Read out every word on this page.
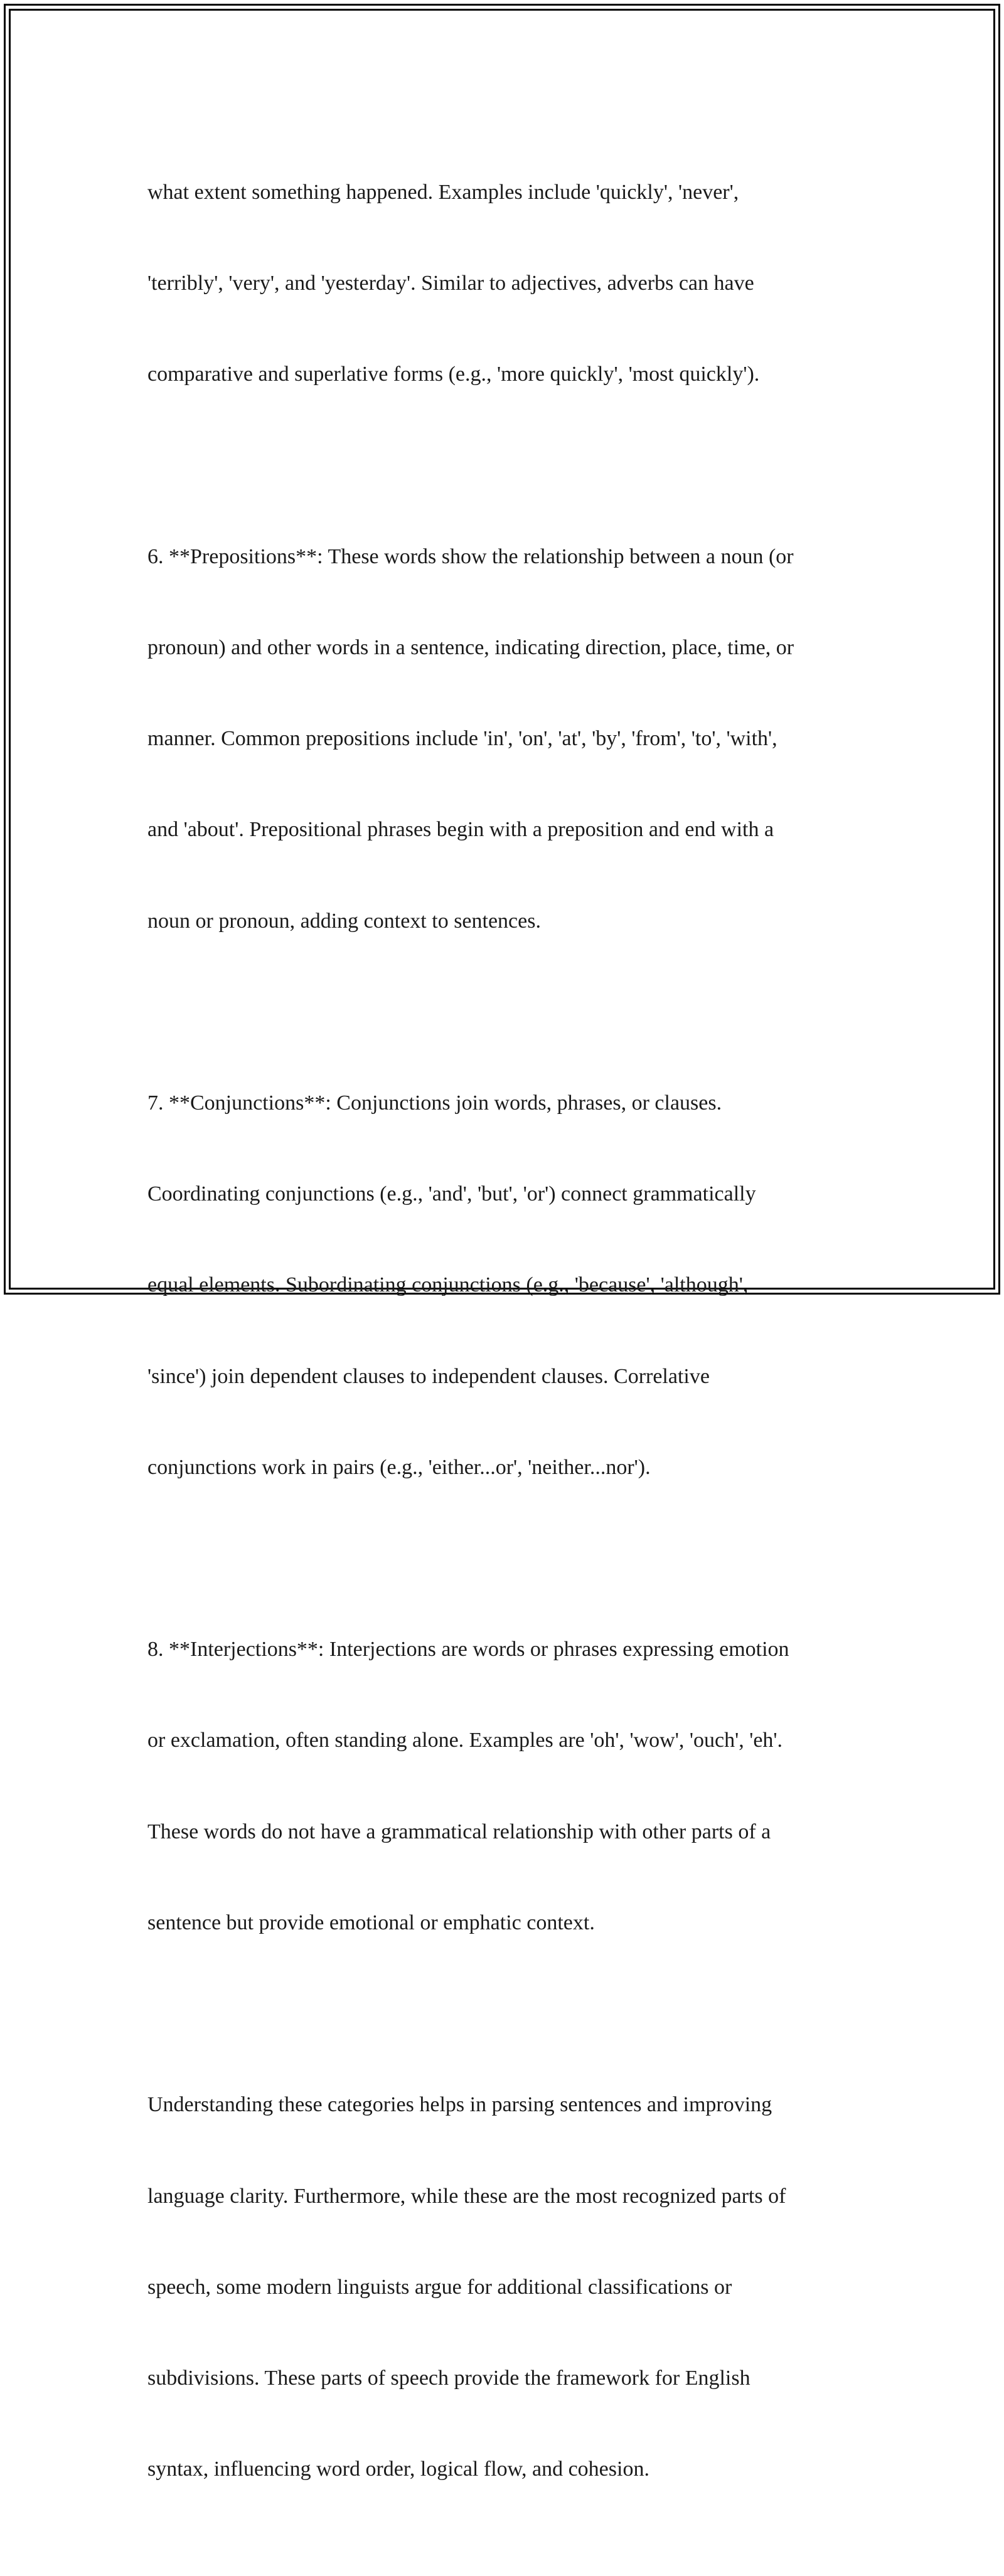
what extent something happened. Examples include 'quickly', 'never',

'terribly', 'very', and 'yesterday'. Similar to adjectives, adverbs can have

comparative and superlative forms (e.g., 'more quickly', 'most quickly').

6. **Prepositions**: These words show the relationship between a noun (or

pronoun) and other words in a sentence, indicating direction, place, time, or

manner. Common prepositions include 'in', 'on', 'at', 'by', 'from', 'to', 'with',

and 'about'. Prepositional phrases begin with a preposition and end with a

noun or pronoun, adding context to sentences.

7. **Conjunctions**: Conjunctions join words, phrases, or clauses.

Coordinating conjunctions (e.g., 'and', 'but', 'or') connect grammatically

equal elements. Subordinating conjunctions (e.g., 'because', 'although',

'since') join dependent clauses to independent clauses. Correlative

conjunctions work in pairs (e.g., 'either...or', 'neither...nor').

8. **Interjections**: Interjections are words or phrases expressing emotion

or exclamation, often standing alone. Examples are 'oh', 'wow', 'ouch', 'eh'.

These words do not have a grammatical relationship with other parts of a

sentence but provide emotional or emphatic context.

Understanding these categories helps in parsing sentences and improving

language clarity. Furthermore, while these are the most recognized parts of

speech, some modern linguists argue for additional classifications or

subdivisions. These parts of speech provide the framework for English

syntax, influencing word order, logical flow, and cohesion.
